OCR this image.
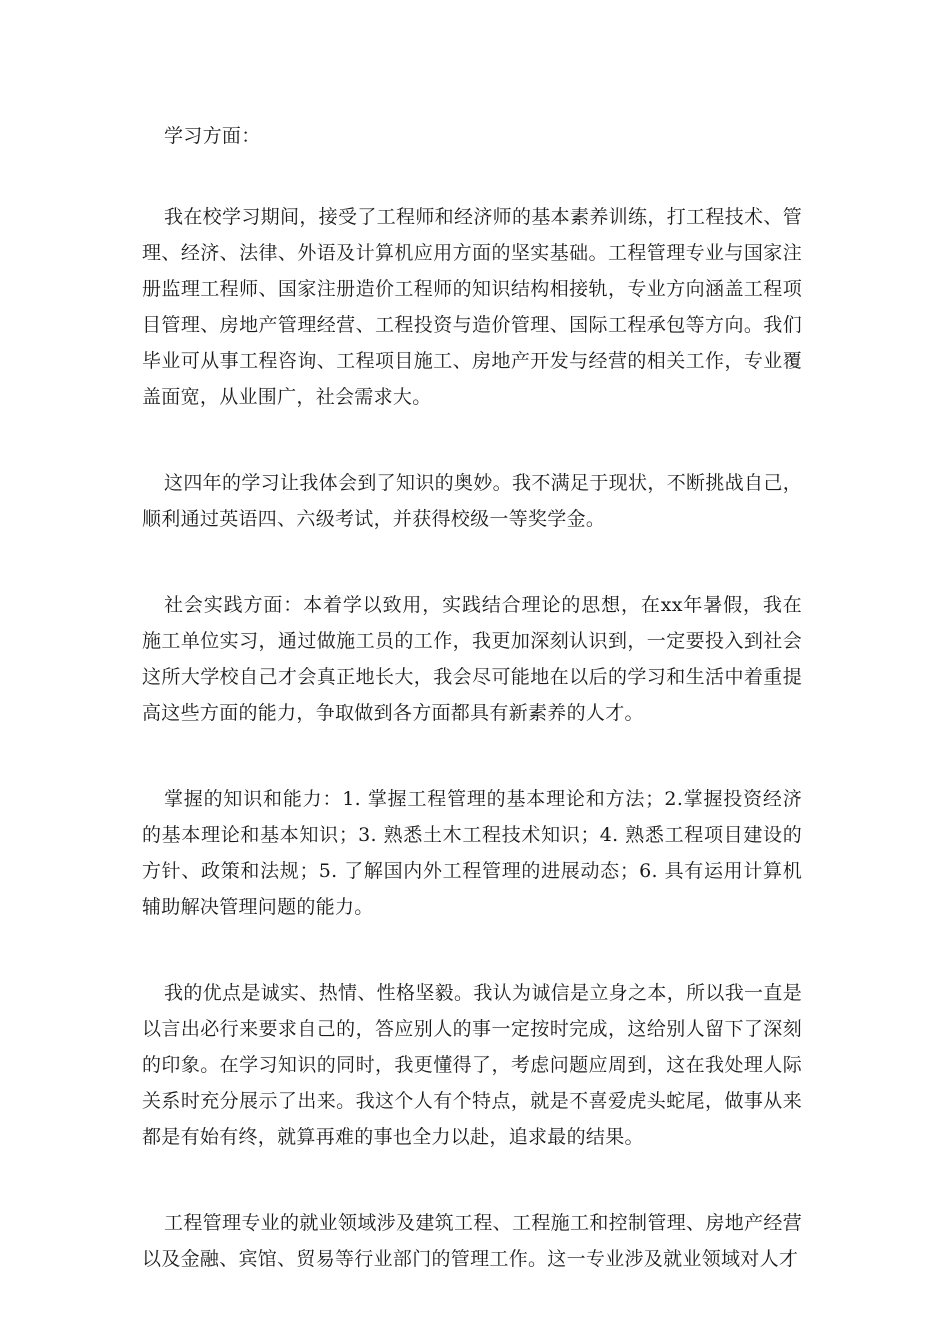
学习方面：

我在校学习期间，接受了工程师和经济师的基本素养训练，打工程技术、管理、经济、法律、外语及计算机应用方面的坚实基础。工程管理专业与国家注册监理工程师、国家注册造价工程师的知识结构相接轨，专业方向涵盖工程项目管理、房地产管理经营、工程投资与造价管理、国际工程承包等方向。我们毕业可从事工程咨询、工程项目施工、房地产开发与经营的相关工作，专业覆盖面宽，从业围广，社会需求大。

这四年的学习让我体会到了知识的奥妙。我不满足于现状，不断挑战自己，顺利通过英语四、六级考试，并获得校级一等奖学金。

社会实践方面：本着学以致用，实践结合理论的思想，在xx年暑假，我在施工单位实习，通过做施工员的工作，我更加深刻认识到，一定要投入到社会这所大学校自己才会真正地长大，我会尽可能地在以后的学习和生活中着重提高这些方面的能力，争取做到各方面都具有新素养的人才。

掌握的知识和能力：1. 掌握工程管理的基本理论和方法；2.掌握投资经济的基本理论和基本知识；3. 熟悉土木工程技术知识；4. 熟悉工程项目建设的方针、政策和法规；5. 了解国内外工程管理的进展动态；6. 具有运用计算机辅助解决管理问题的能力。

我的优点是诚实、热情、性格坚毅。我认为诚信是立身之本，所以我一直是以言出必行来要求自己的，答应别人的事一定按时完成，这给别人留下了深刻的印象。在学习知识的同时，我更懂得了，考虑问题应周到，这在我处理人际关系时充分展示了出来。我这个人有个特点，就是不喜爱虎头蛇尾，做事从来都是有始有终，就算再难的事也全力以赴，追求最的结果。

工程管理专业的就业领域涉及建筑工程、工程施工和控制管理、房地产经营以及金融、宾馆、贸易等行业部门的管理工作。这一专业涉及就业领域对人才
